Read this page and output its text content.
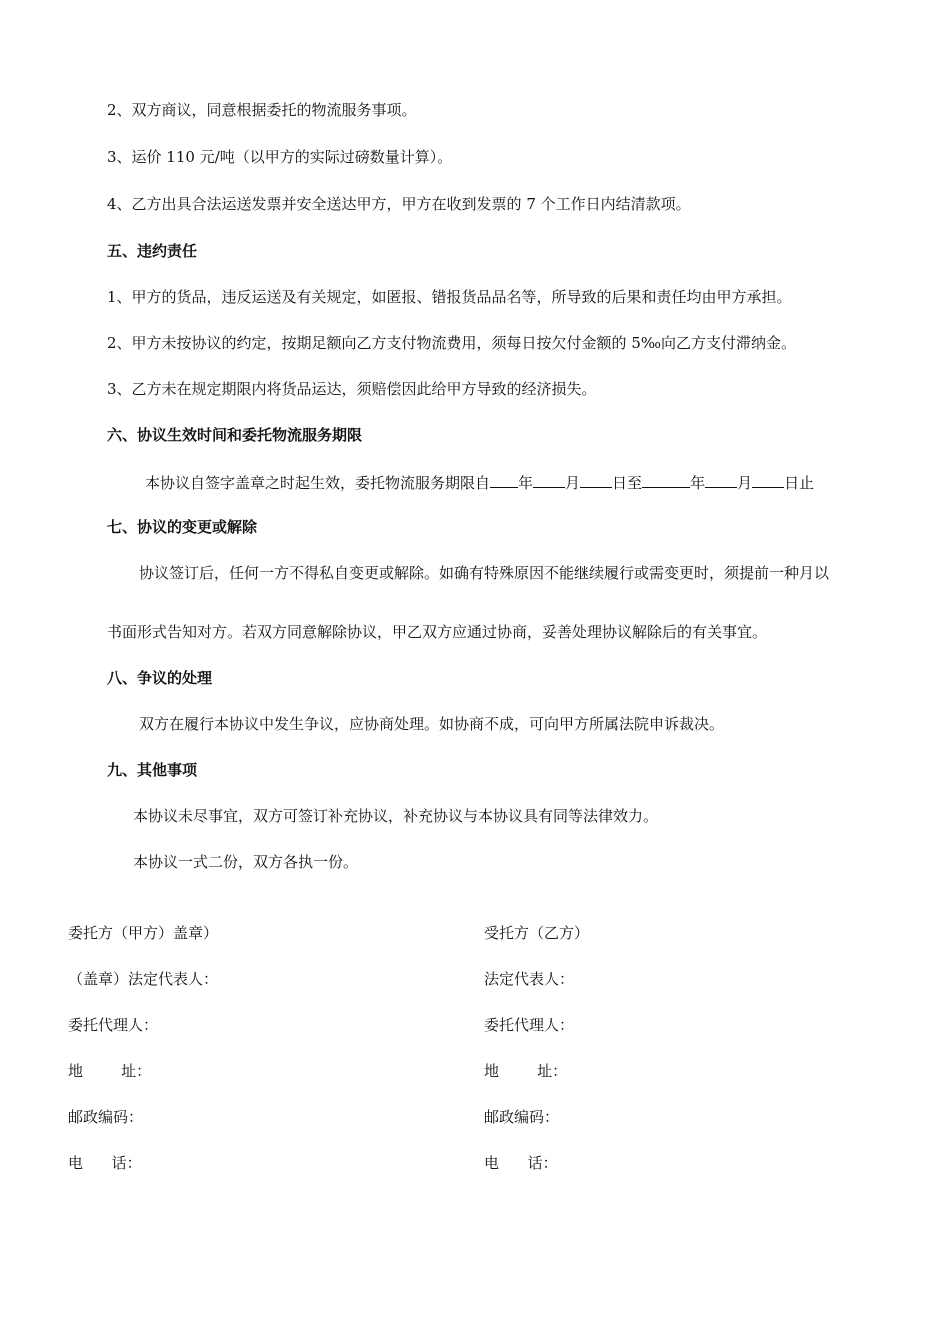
2、双方商议，同意根据委托的物流服务事项。
3、运价 110 元/吨（以甲方的实际过磅数量计算）。
4、乙方出具合法运送发票并安全送达甲方，甲方在收到发票的 7 个工作日内结清款项。
五、违约责任
1、甲方的货品，违反运送及有关规定，如匿报、错报货品品名等，所导致的后果和责任均由甲方承担。
2、甲方未按协议的约定，按期足额向乙方支付物流费用，须每日按欠付金额的 5‰向乙方支付滞纳金。
3、乙方未在规定期限内将货品运达，须赔偿因此给甲方导致的经济损失。
六、协议生效时间和委托物流服务期限
本协议自签字盖章之时起生效，委托物流服务期限自 年 月 日至	年 月 日止
七、协议的变更或解除
协议签订后，任何一方不得私自变更或解除。如确有特殊原因不能继续履行或需变更时，须提前一种月以
书面形式告知对方。若双方同意解除协议，甲乙双方应通过协商，妥善处理协议解除后的有关事宜。
八、争议的处理
双方在履行本协议中发生争议，应协商处理。如协商不成，可向甲方所属法院申诉裁决。
九、其他事项
本协议未尽事宜，双方可签订补充协议，补充协议与本协议具有同等法律效力。
本协议一式二份，双方各执一份。
委托方（甲方）盖章）
（盖章）法定代表人：
委托代理人：
地        址：
邮政编码：
电      话：
受托方（乙方）
法定代表人：
委托代理人：
地        址：
邮政编码：
电      话：
